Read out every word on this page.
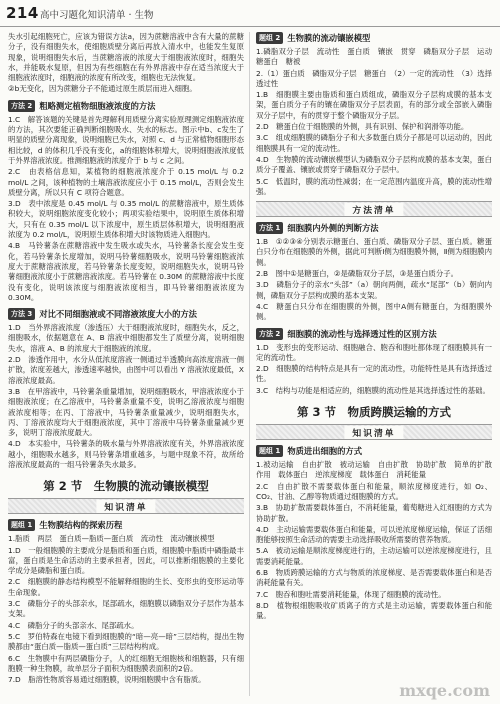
214 高中习题化知识清单 · 生物

失水引起细胞死亡，应该为错误方法a，因为蔗糖溶液中含有大量的蔗糖分子，没有细胞失水，使细胞质壁分离后再放入清水中，也能发生复原现象，说明细胞失水后，当蔗糖溶液的浓度大于细胞液浓度时，细胞失水，并能吸水复原，但因为有些细胞在有外界溶液中存在适当浓度大于细胞液浓度时，细胞液的浓度有所改变，细胞也无法恢复。

②b无变化，因为蔗糖分子不能通过原生质层而进入细胞。

方法 2 粗略测定植物细胞液浓度的方法

1.C　解答该题的关键是首先理解利用质壁分离实验原理测定细胞液浓度的方法，其次要能正确判断细胞吸水、失水的标志。图示中b、c发生了明显的质壁分离现象，说明细胞已失水，对照 c、d 与正常植物细胞形态相比较，d 的体积几乎没有变化，a的细胞体积增大，说明细胞液浓度低于外界溶液浓度。推测细胞液的浓度介于 b 与 c 之间。

2.C　由表格信息知，某植物的细胞液浓度介于 0.15 mol/L 与 0.2 mol/L 之间，该种植物的土壤溶液浓度应小于 0.15 mol/L，否则会发生质壁分离，所以只有 C 项符合题意。

3.D　表中浓度是 0.45 mol/L 与 0.35 mol/L 的蔗糖溶液中，原生质体积较大，说明细胞浓度变化较小；两项实验结果中，说明原生质体积增大，只有在 0.35 mol/L 以下浓度中，原生质层体积增大，说明细胞液浓度为 0.2 mol/L，说明原生质体积增大时该物质进入细胞内。

4.B　马铃薯条在蔗糖溶液中发生吸水或失水，马铃薯条长度会发生变化，若马铃薯条长度增加，说明马铃薯细胞吸水，说明马铃薯细胞液浓度大于蔗糖溶液浓度，若马铃薯条长度变短，说明细胞失水，说明马铃薯细胞液浓度小于蔗糖溶液浓度。若马铃薯在 0.30M 的蔗糖溶液中长度没有变化，说明该浓度与细胞液浓度相当，即马铃薯细胞液浓度为 0.30M。

方法 3 对比不同细胞液或不同溶液浓度大小的方法

1.D　当外界溶液浓度（渗透压）大于细胞液浓度时，细胞失水，反之，细胞吸水，依据题意在 A、B 溶液中细胞都发生了质壁分离，说明细胞失水，溶液 A、B 的浓度大于细胞液的浓度。

2.D　渗透作用中，水分从低浓度溶液一侧通过半透膜向高浓度溶液一侧扩散，浓度差越大，渗透速率越快，由图中可以看出 Y 溶液浓度最低，X 溶液浓度最高。

3.B　在甲溶液中，马铃薯条重量增加，说明细胞吸水，甲溶液浓度小于细胞液浓度；在乙溶液中，马铃薯条重量不变，说明乙溶液浓度与细胞液浓度相等；在丙、丁溶液中，马铃薯条重量减少，说明细胞失水，丙、丁溶液浓度均大于细胞液浓度，其中丁溶液中马铃薯条重量减少更多，说明丁溶液浓度最大。

4.D　本实验中，马铃薯条的吸水量与外界溶液浓度有关，外界溶液浓度越小，细胞吸水越多，则马铃薯条增重越多，与题中现象不符，故所给溶液浓度最高的一组马铃薯条失水最多。

第 2 节　生物膜的流动镶嵌模型
知识清单
题组 1 生物膜结构的探索历程

1.脂质　两层　蛋白质—脂质—蛋白质　流动性　流动镶嵌模型

1.D　一般细胞膜的主要成分是脂质和蛋白质，细胞膜中脂质中磷脂最丰富，蛋白质是生命活动的主要承担者，因此，可以推断细胞膜的主要化学成分是磷脂和蛋白质。

2.C　细胞膜的静态结构模型不能解释细胞的生长、变形虫的变形运动等生命现象。

3.C　磷脂分子的头部亲水，尾部疏水，细胞膜以磷脂双分子层作为基本支架。

4.C　磷脂分子的头部亲水、尾部疏水。

5.C　罗伯特森在电镜下看到细胞膜的“暗—亮—暗”三层结构，提出生物膜都由“蛋白质—脂质—蛋白质”三层结构构成。

6.C　生物膜中有两层磷脂分子，人的红细胞无细胞核和细胞器，只有细胞膜一种生物膜，故单层分子面积为细胞膜表面积的2倍。

7.D　脂溶性物质容易通过细胞膜，说明细胞膜中含有脂质。

题组 2 生物膜的流动镶嵌模型

1.磷脂双分子层　流动性　蛋白质　镶嵌　贯穿　磷脂双分子层　运动　糖蛋白　糖被

2.（1）蛋白质　磷脂双分子层　糖蛋白　（2）一定的流动性　（3）选择透过性

1.B　细胞膜主要由脂质和蛋白质组成，磷脂双分子层构成膜的基本支架，蛋白质分子有的镶在磷脂双分子层表面，有的部分或全部嵌入磷脂双分子层中，有的贯穿于整个磷脂双分子层。

2.D　糖蛋白位于细胞膜的外侧，具有识别、保护和润滑等功能。

3.C　组成细胞膜的磷脂分子和大多数蛋白质分子都是可以运动的，因此细胞膜具有一定的流动性。

4.D　生物膜的流动镶嵌模型认为磷脂双分子层构成膜的基本支架，蛋白质分子覆盖、镶嵌或贯穿于磷脂双分子层中。

5.C　低温时，膜的流动性减弱；在一定范围内温度升高，膜的流动性增强。

方法清单
方法 1 细胞膜内外侧的判断方法

1.B　①②③④分别表示糖蛋白、蛋白质、磷脂双分子层、蛋白质。糖蛋白只分布在细胞膜的外侧，据此可判断Ⅰ侧为细胞膜外侧，Ⅱ侧为细胞膜内侧。

2.B　图中①是糖蛋白，②是磷脂双分子层，③是蛋白质分子。

3.D　磷脂分子的亲水“头部”（a）朝向两侧，疏水“尾部”（b）朝向内侧，磷脂双分子层构成膜的基本支架。

4.C　糖蛋白只分布在细胞膜的外侧，图中A侧有糖蛋白，为细胞膜外侧。

方法 2 细胞膜的流动性与选择透过性的区别方法

1.D　变形虫的变形运动、细胞融合、胞吞和胞吐都体现了细胞膜具有一定的流动性。

2.D　细胞膜的结构特点是具有一定的流动性，功能特性是具有选择透过性。

3.C　结构与功能是相适应的，细胞膜的流动性是其选择透过性的基础。

第 3 节　物质跨膜运输的方式
知识清单
题组 1 物质进出细胞的方式

1.被动运输　自由扩散　被动运输　自由扩散　协助扩散　简单的扩散作用　载体蛋白　逆浓度梯度　载体蛋白　消耗能量

2.C　自由扩散不需要载体蛋白和能量，顺浓度梯度进行，如 O₂、CO₂、甘油、乙醇等物质通过细胞膜的方式。

3.B　协助扩散需要载体蛋白，不消耗能量，葡萄糖进入红细胞的方式为协助扩散。

4.D　主动运输需要载体蛋白和能量，可以逆浓度梯度运输，保证了活细胞能够按照生命活动的需要主动选择吸收所需要的营养物质。

5.A　被动运输是顺浓度梯度进行的，主动运输可以逆浓度梯度进行，且需要消耗能量。

6.B　物质跨膜运输的方式与物质的浓度梯度、是否需要载体蛋白和是否消耗能量有关。

7.C　胞吞和胞吐需要消耗能量，体现了细胞膜的流动性。

8.D　植物根细胞吸收矿质离子的方式是主动运输，需要载体蛋白和能量。

mxqe.com
